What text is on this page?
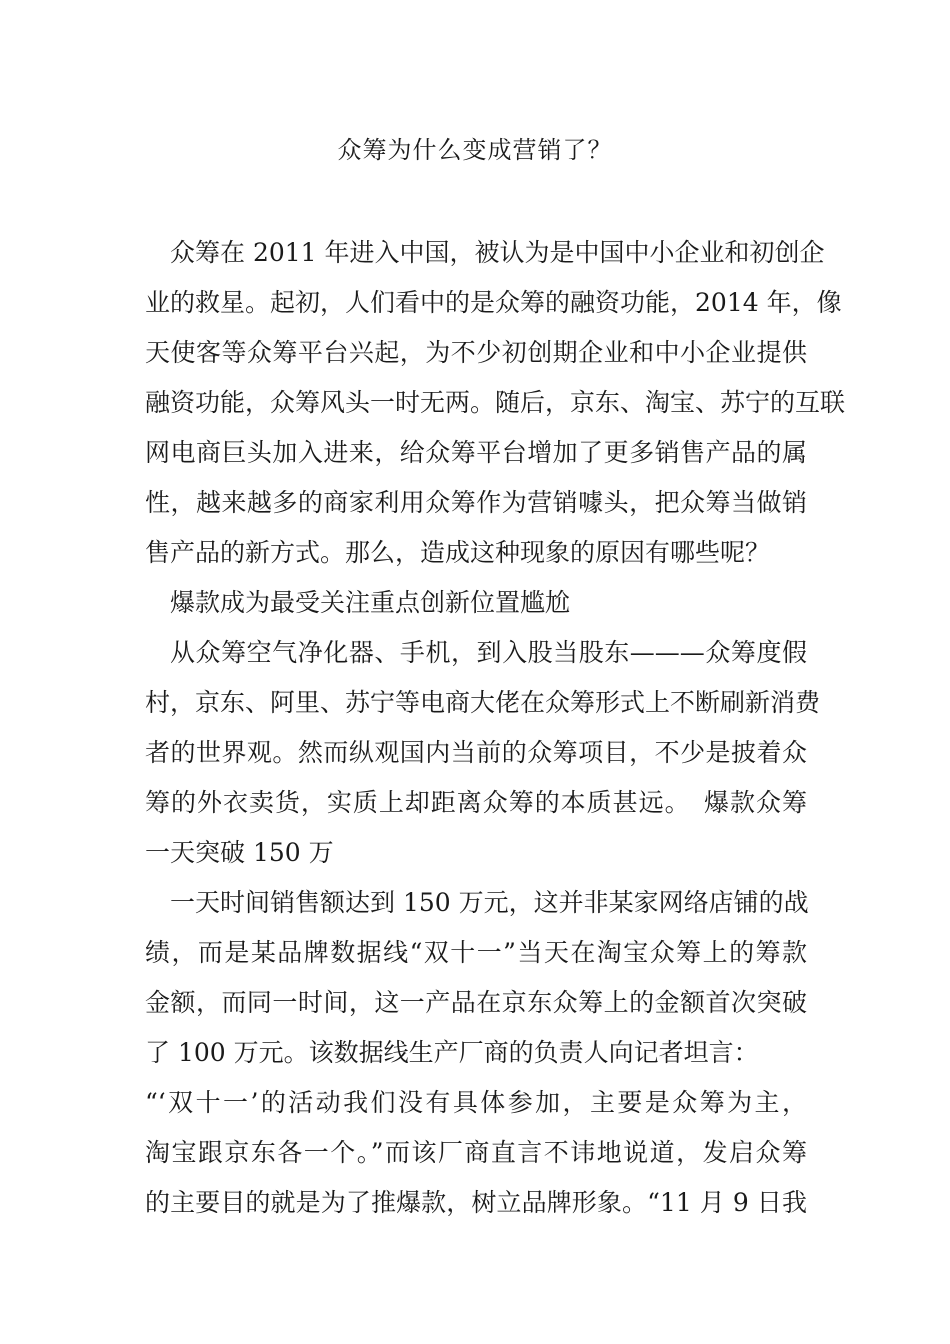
众筹为什么变成营销了？
众筹在 2011 年进入中国，被认为是中国中小企业和初创企
业的救星。起初，人们看中的是众筹的融资功能，2014 年，像
天使客等众筹平台兴起，为不少初创期企业和中小企业提供
融资功能，众筹风头一时无两。随后，京东、淘宝、苏宁的互联
网电商巨头加入进来，给众筹平台增加了更多销售产品的属
性，越来越多的商家利用众筹作为营销噱头，把众筹当做销
售产品的新方式。那么，造成这种现象的原因有哪些呢？
爆款成为最受关注重点创新位置尴尬
从众筹空气净化器、手机，到入股当股东———众筹度假
村，京东、阿里、苏宁等电商大佬在众筹形式上不断刷新消费
者的世界观。然而纵观国内当前的众筹项目，不少是披着众
筹的外衣卖货，实质上却距离众筹的本质甚远。　爆款众筹
一天突破 150 万
一天时间销售额达到 150 万元，这并非某家网络店铺的战
绩，而是某品牌数据线“双十一”当天在淘宝众筹上的筹款
金额，而同一时间，这一产品在京东众筹上的金额首次突破
了 100 万元。该数据线生产厂商的负责人向记者坦言：
“‘双十一’的活动我们没有具体参加，主要是众筹为主，
淘宝跟京东各一个。”而该厂商直言不讳地说道，发启众筹
的主要目的就是为了推爆款，树立品牌形象。“11 月 9 日我
